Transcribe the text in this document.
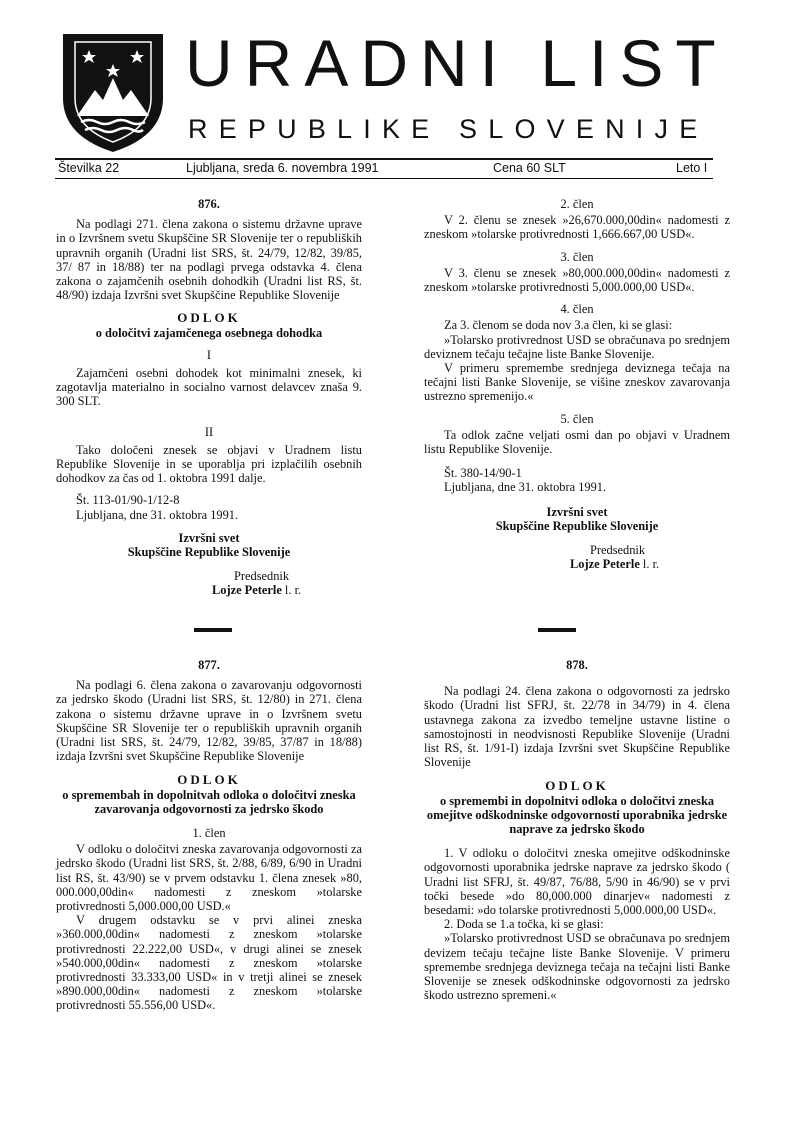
URADNI LIST
REPUBLIKE SLOVENIJE
Številka 22	Ljubljana, sreda 6. novembra 1991	Cena 60 SLT	Leto I

876.

Na podlagi 271. člena zakona o sistemu državne uprave in o Izvršnem svetu Skupščine SR Slovenije ter o republiških upravnih organih (Uradni list SRS, št. 24/79, 12/82, 39/85, 37/ 87 in 18/88) ter na podlagi prvega odstavka 4. člena zakona o zajamčenih osebnih dohodkih (Uradni list RS, št. 48/90) izdaja Izvršni svet Skupščine Republike Slovenije

ODLOK

o določitvi zajamčenega osebnega dohodka

I

Zajamčeni osebni dohodek kot minimalni znesek, ki zagotavlja materialno in socialno varnost delavcev znaša 9. 300 SLT.

II

Tako določeni znesek se objavi v Uradnem listu Republike Slovenije in se uporablja pri izplačilih osebnih dohodkov za čas od 1. oktobra 1991 dalje.

Št. 113-01/90-1/12-8

Ljubljana, dne 31. oktobra 1991.

Izvršni svet

Skupščine Republike Slovenije

Predsednik

Lojze Peterle l. r.

877.

Na podlagi 6. člena zakona o zavarovanju odgovornosti za jedrsko škodo (Uradni list SRS, št. 12/80) in 271. člena zakona o sistemu državne uprave in o Izvršnem svetu Skupščine SR Slovenije ter o republiških upravnih organih (Uradni list SRS, št. 24/79, 12/82, 39/85, 37/87 in 18/88) izdaja Izvršni svet Skupščine Republike Slovenije

ODLOK

o spremembah in dopolnitvah odloka o določitvi zneska zavarovanja odgovornosti za jedrsko škodo

1. člen

V odloku o določitvi zneska zavarovanja odgovornosti za jedrsko škodo (Uradni list SRS, št. 2/88, 6/89, 6/90 in Uradni list RS, št. 43/90) se v prvem odstavku 1. člena znesek »80, 000.000,00din« nadomesti z zneskom »tolarske protivrednosti 5,000.000,00 USD.«

V drugem odstavku se v prvi alinei zneska »360.000,00din« nadomesti z zneskom »tolarske protivrednosti 22.222,00 USD«, v drugi alinei se znesek »540.000,00din« nadomesti z zneskom »tolarske protivrednosti 33.333,00 USD« in v tretji alinei se znesek »890.000,00din« nadomesti z zneskom »tolarske protivrednosti 55.556,00 USD«.

2. člen

V 2. členu se znesek »26,670.000,00din« nadomesti z zneskom »tolarske protivrednosti 1,666.667,00 USD«.

3. člen

V 3. členu se znesek »80,000.000,00din« nadomesti z zneskom »tolarske protivrednosti 5,000.000,00 USD«.

4. člen

Za 3. členom se doda nov 3.a člen, ki se glasi:

»Tolarsko protivrednost USD se obračunava po srednjem deviznem tečaju tečajne liste Banke Slovenije.

V primeru spremembe srednjega deviznega tečaja na tečajni listi Banke Slovenije, se višine zneskov zavarovanja ustrezno spremenijo.«

5. člen

Ta odlok začne veljati osmi dan po objavi v Uradnem listu Republike Slovenije.

Št. 380-14/90-1

Ljubljana, dne 31. oktobra 1991.

Izvršni svet

Skupščine Republike Slovenije

Predsednik

Lojze Peterle l. r.

878.

Na podlagi 24. člena zakona o odgovornosti za jedrsko škodo (Uradni list SFRJ, št. 22/78 in 34/79) in 4. člena ustavnega zakona za izvedbo temeljne ustavne listine o samostojnosti in neodvisnosti Republike Slovenije (Uradni list RS, št. 1/91-I) izdaja Izvršni svet Skupščine Republike Slovenije

ODLOK

o spremembi in dopolnitvi odloka o določitvi zneska omejitve odškodninske odgovornosti uporabnika jedrske naprave za jedrsko škodo

1. V odloku o določitvi zneska omejitve odškodninske odgovornosti uporabnika jedrske naprave za jedrsko škodo ( Uradni list SFRJ, št. 49/87, 76/88, 5/90 in 46/90) se v prvi točki besede »do 80,000.000 dinarjev« nadomesti z besedami: »do tolarske protivrednosti 5,000.000,00 USD«.

2. Doda se 1.a točka, ki se glasi:

»Tolarsko protivrednost USD se obračunava po srednjem devizem tečaju tečajne liste Banke Slovenije. V primeru spremembe srednjega deviznega tečaja na tečajni listi Banke Slovenije se znesek odškodninske odgovornosti za jedrsko škodo ustrezno spremeni.«
